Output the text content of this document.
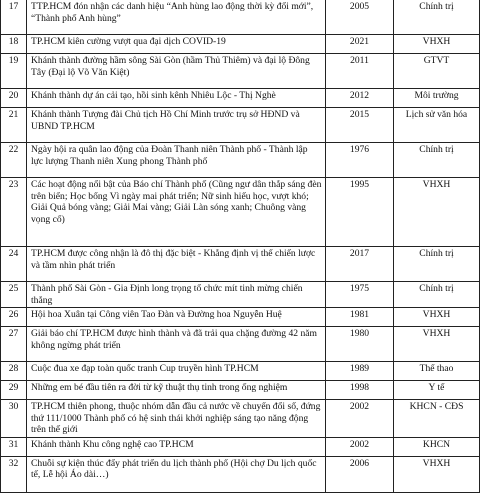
17	TTP.HCM đón nhận các danh hiệu “Anh hùng lao động thời kỳ đổi mới”, “Thành phố Anh hùng”	2005	Chính trị
18	TP.HCM kiên cường vượt qua đại dịch COVID-19	2021	VHXH
19	Khánh thành đường hầm sông Sài Gòn (hầm Thủ Thiêm) và đại lộ Đông Tây (Đại lộ Võ Văn Kiệt)	2011	GTVT
20	Khánh thành dự án cải tạo, hồi sinh kênh Nhiêu Lộc - Thị Nghè	2012	Môi trường
21	Khánh thành Tượng đài Chủ tịch Hồ Chí Minh trước trụ sở HĐND và UBND TP.HCM	2015	Lịch sử văn hóa
22	Ngày hội ra quân lao động của Đoàn Thanh niên Thành phố - Thành lập lực lượng Thanh niên Xung phong Thành phố	1976	Chính trị
23	Các hoạt động nổi bật của Báo chí Thành phố (Cũng ngư dân thắp sáng đèn trên biển; Học bổng Vì ngày mai phát triển; Nữ sinh hiếu học, vượt khó; Giải Quả bóng vàng; Giải Mai vàng; Giải Làn sóng xanh; Chuông vàng vọng cổ)	1995	VHXH
24	TP.HCM được công nhận là đô thị đặc biệt - Khẳng định vị thế chiến lược và tầm nhìn phát triển	2017	Chính trị
25	Thành phố Sài Gòn - Gia Định long trọng tổ chức mít tinh mừng chiến thắng	1975	Chính trị
26	Hội hoa Xuân tại Công viên Tao Đàn và Đường hoa Nguyễn Huệ	1981	VHXH
27	Giải báo chí TP.HCM được hình thành và đã trải qua chặng đường 42 năm không ngừng phát triển	1980	VHXH
28	Cuộc đua xe đạp toàn quốc tranh Cup truyền hình TP.HCM	1989	Thể thao
29	Những em bé đầu tiên ra đời từ kỹ thuật thụ tinh trong ống nghiệm	1998	Y tế
30	TP.HCM thiên phong, thuộc nhóm dẫn đầu cả nước về chuyển đổi số, đứng thứ 111/1000 Thành phố có hệ sinh thái khởi nghiệp sáng tạo năng động trên thế giới	2002	KHCN - CĐS
31	Khánh thành Khu công nghệ cao TP.HCM	2002	KHCN
32	Chuỗi sự kiện thúc đẩy phát triển du lịch thành phố (Hội chợ Du lịch quốc tế, Lễ hội Áo dài…)	2006	VHXH
